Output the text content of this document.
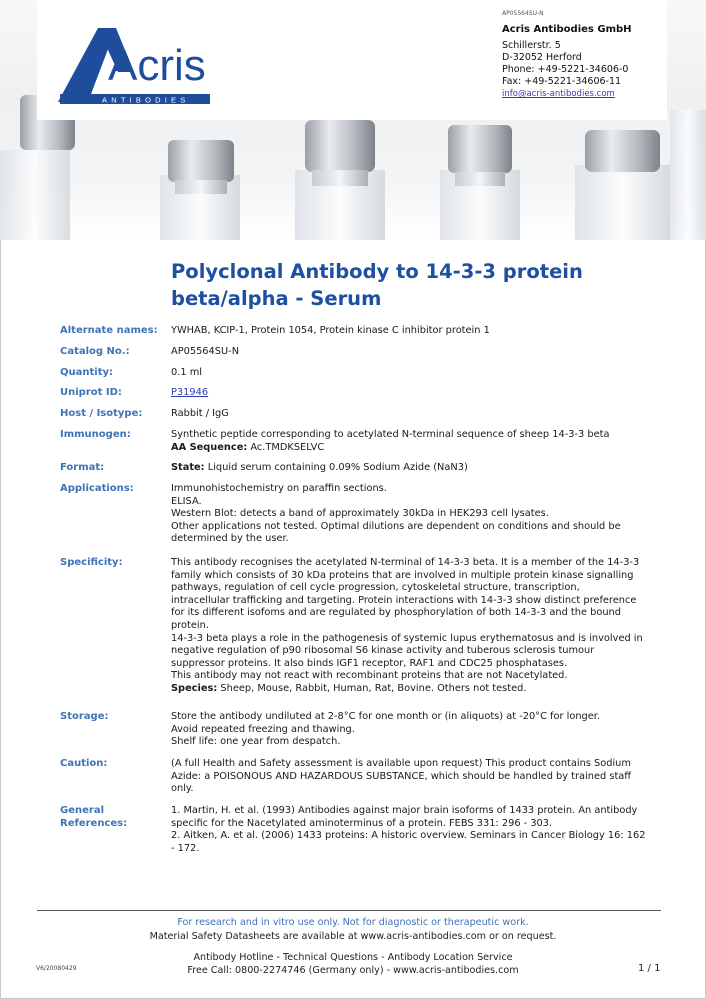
Acris
ANTIBODIES
AP05564SU-N
Acris Antibodies GmbH
Schillerstr. 5
D-32052 Herford
Phone: +49-5221-34606-0
Fax: +49-5221-34606-11
info@acris-antibodies.com
Polyclonal Antibody to 14-3-3 protein
beta/alpha - Serum
Alternate names:	YWHAB, KCIP-1, Protein 1054, Protein kinase C inhibitor protein 1
Catalog No.:	AP05564SU-N
Quantity:	0.1 ml
Uniprot ID:	P31946
Host / Isotype:	Rabbit / IgG
Immunogen:	Synthetic peptide corresponding to acetylated N-terminal sequence of sheep 14-3-3 beta

AA Sequence: Ac.TMDKSELVC

Format:	State: Liquid serum containing 0.09% Sodium Azide (NaN3)
Applications:	Immunohistochemistry on paraffin sections.

ELISA.

Western Blot: detects a band of approximately 30kDa in HEK293 cell lysates.

Other applications not tested. Optimal dilutions are dependent on conditions and should be

determined by the user.

Specificity:	This antibody recognises the acetylated N-terminal of 14-3-3 beta. It is a member of the 14-3-3

family which consists of 30 kDa proteins that are involved in multiple protein kinase signalling

pathways, regulation of cell cycle progression, cytoskeletal structure, transcription,

intracellular trafficking and targeting. Protein interactions with 14-3-3 show distinct preference

for its different isofoms and are regulated by phosphorylation of both 14-3-3 and the bound

protein.

14-3-3 beta plays a role in the pathogenesis of systemic lupus erythematosus and is involved in

negative regulation of p90 ribosomal S6 kinase activity and tuberous sclerosis tumour

suppressor proteins. It also binds IGF1 receptor, RAF1 and CDC25 phosphatases.

This antibody may not react with recombinant proteins that are not Nacetylated.

Species: Sheep, Mouse, Rabbit, Human, Rat, Bovine. Others not tested.

Storage:	Store the antibody undiluted at 2-8°C for one month or (in aliquots) at -20°C for longer.

Avoid repeated freezing and thawing.

Shelf life: one year from despatch.

Caution:	(A full Health and Safety assessment is available upon request) This product contains Sodium

Azide: a POISONOUS AND HAZARDOUS SUBSTANCE, which should be handled by trained staff

only.

General
References:

1. Martin, H. et al. (1993) Antibodies against major brain isoforms of 1433 protein. An antibody

specific for the Nacetylated aminoterminus of a protein. FEBS 331: 296 - 303.

2. Aitken, A. et al. (2006) 1433 proteins: A historic overview. Seminars in Cancer Biology 16: 162

- 172.

For research and in vitro use only. Not for diagnostic or therapeutic work.
Material Safety Datasheets are available at www.acris-antibodies.com or on request.
Antibody Hotline - Technical Questions - Antibody Location Service
Free Call: 0800-2274746 (Germany only) - www.acris-antibodies.com
V6/20080429	1 / 1
